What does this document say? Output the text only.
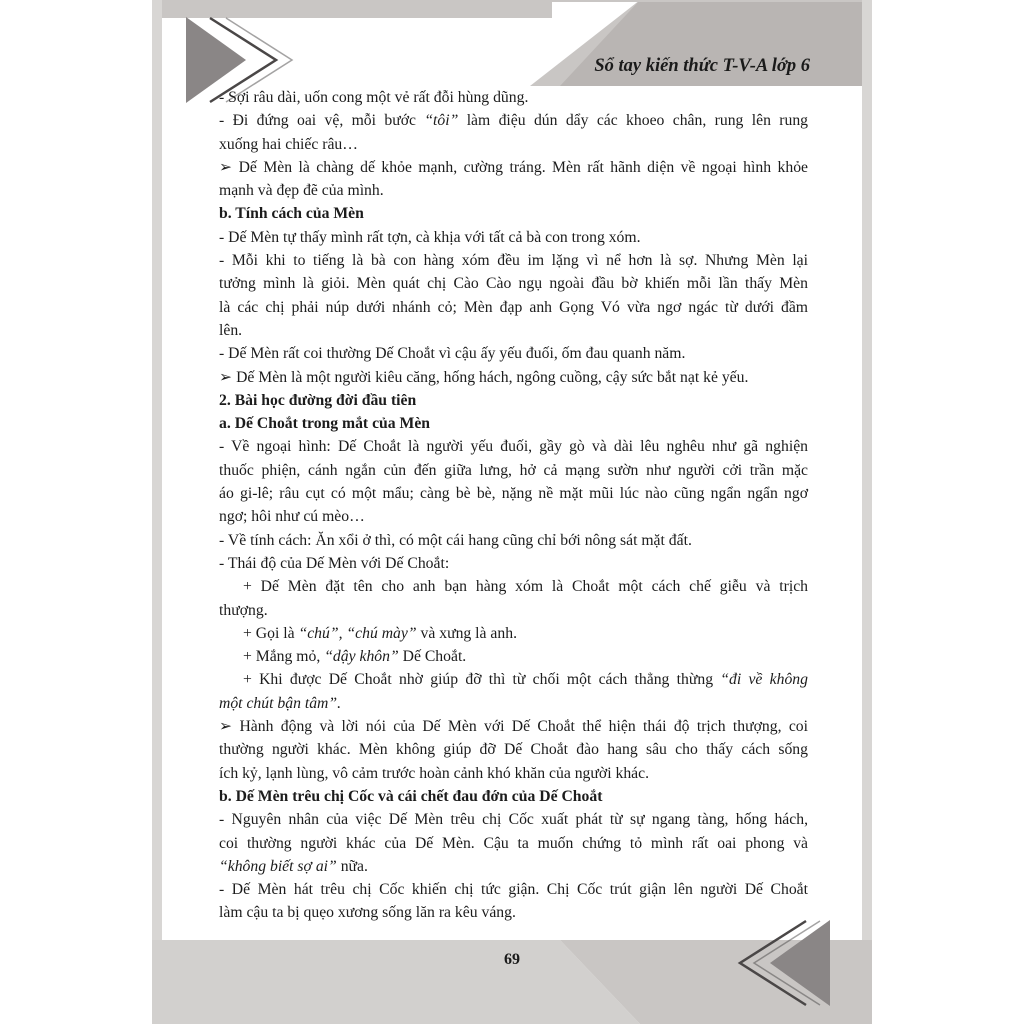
Sổ tay kiến thức T-V-A lớp 6
- Sợi râu dài, uốn cong một vẻ rất đỗi hùng dũng.
- Đi đứng oai vệ, mỗi bước “tôi” làm điệu dún dẩy các khoeo chân, rung lên rung
xuống hai chiếc râu…
➢ Dế Mèn là chàng dế khỏe mạnh, cường tráng. Mèn rất hãnh diện về ngoại hình khỏe
mạnh và đẹp đẽ của mình.
b. Tính cách của Mèn
- Dế Mèn tự thấy mình rất tợn, cà khịa với tất cả bà con trong xóm.
- Mỗi khi to tiếng là bà con hàng xóm đều im lặng vì nể hơn là sợ. Nhưng Mèn lại
tưởng mình là giỏi. Mèn quát chị Cào Cào ngụ ngoài đầu bờ khiến mỗi lần thấy Mèn
là các chị phải núp dưới nhánh cỏ; Mèn đạp anh Gọng Vó vừa ngơ ngác từ dưới đầm
lên.
- Dế Mèn rất coi thường Dế Choắt vì cậu ấy yếu đuối, ốm đau quanh năm.
➢ Dế Mèn là một người kiêu căng, hống hách, ngông cuồng, cậy sức bắt nạt kẻ yếu.
2. Bài học đường đời đầu tiên
a. Dế Choắt trong mắt của Mèn
- Về ngoại hình: Dế Choắt là người yếu đuối, gầy gò và dài lêu nghêu như gã nghiện
thuốc phiện, cánh ngắn củn đến giữa lưng, hở cả mạng sườn như người cởi trần mặc
áo gi-lê; râu cụt có một mẩu; càng bè bè, nặng nề mặt mũi lúc nào cũng ngẩn ngẩn ngơ
ngơ; hôi như cú mèo…
- Về tính cách: Ăn xổi ở thì, có một cái hang cũng chỉ bới nông sát mặt đất.
- Thái độ của Dế Mèn với Dế Choắt:
+ Dế Mèn đặt tên cho anh bạn hàng xóm là Choắt một cách chế giễu và trịch
thượng.
+ Gọi là “chú”, “chú mày” và xưng là anh.
+ Mắng mỏ, “dậy khôn” Dế Choắt.
+ Khi được Dế Choắt nhờ giúp đỡ thì từ chối một cách thẳng thừng “đi về không
một chút bận tâm”.
➢ Hành động và lời nói của Dế Mèn với Dế Choắt thể hiện thái độ trịch thượng, coi
thường người khác. Mèn không giúp đỡ Dế Choắt đào hang sâu cho thấy cách sống
ích kỷ, lạnh lùng, vô cảm trước hoàn cảnh khó khăn của người khác.
b. Dế Mèn trêu chị Cốc và cái chết đau đớn của Dế Choắt
- Nguyên nhân của việc Dế Mèn trêu chị Cốc xuất phát từ sự ngang tàng, hống hách,
coi thường người khác của Dế Mèn. Cậu ta muốn chứng tỏ mình rất oai phong và
“không biết sợ ai” nữa.
- Dế Mèn hát trêu chị Cốc khiến chị tức giận. Chị Cốc trút giận lên người Dế Choắt
làm cậu ta bị quẹo xương sống lăn ra kêu váng.
69
